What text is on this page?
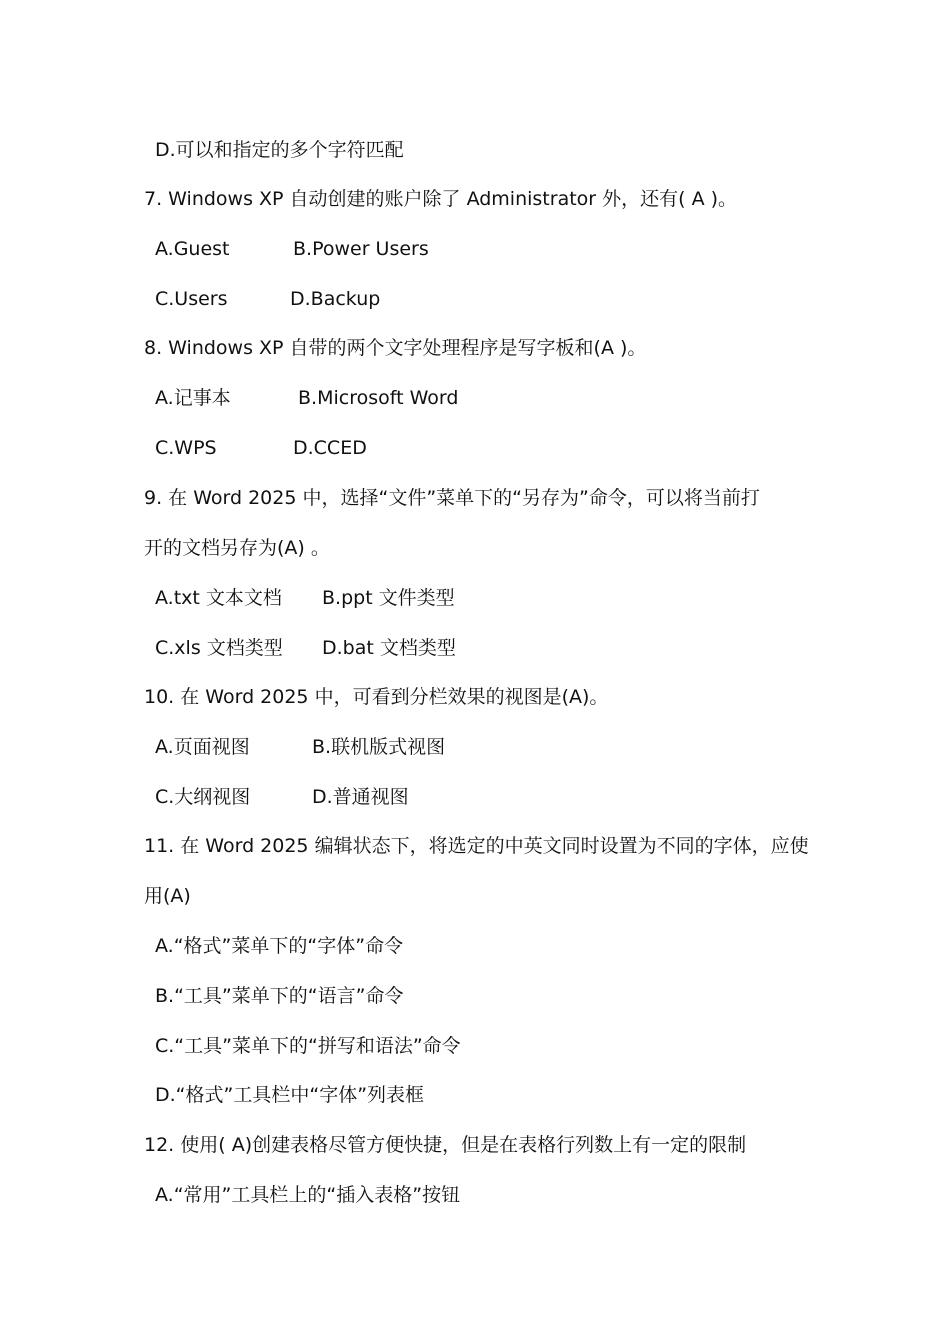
D.可以和指定的多个字符匹配
7. Windows XP 自动创建的账户除了 Administrator 外，还有( A )。
A.Guest	B.Power Users
C.Users	D.Backup
8. Windows XP 自带的两个文字处理程序是写字板和(A )。
A.记事本	B.Microsoft Word
C.WPS	D.CCED
9. 在 Word 2025 中，选择“文件”菜单下的“另存为”命令，可以将当前打
开的文档另存为(A) 。
A.txt 文本文档 B.ppt 文件类型
C.xls 文档类型 D.bat 文档类型
10. 在 Word 2025 中，可看到分栏效果的视图是(A)。
A.页面视图	B.联机版式视图
C.大纲视图	D.普通视图
11. 在 Word 2025 编辑状态下，将选定的中英文同时设置为不同的字体，应使
用(A)
A.“格式”菜单下的“字体”命令
B.“工具”菜单下的“语言”命令
C.“工具”菜单下的“拼写和语法”命令
D.“格式”工具栏中“字体”列表框
12. 使用( A)创建表格尽管方便快捷，但是在表格行列数上有一定的限制
A.“常用”工具栏上的“插入表格”按钮
